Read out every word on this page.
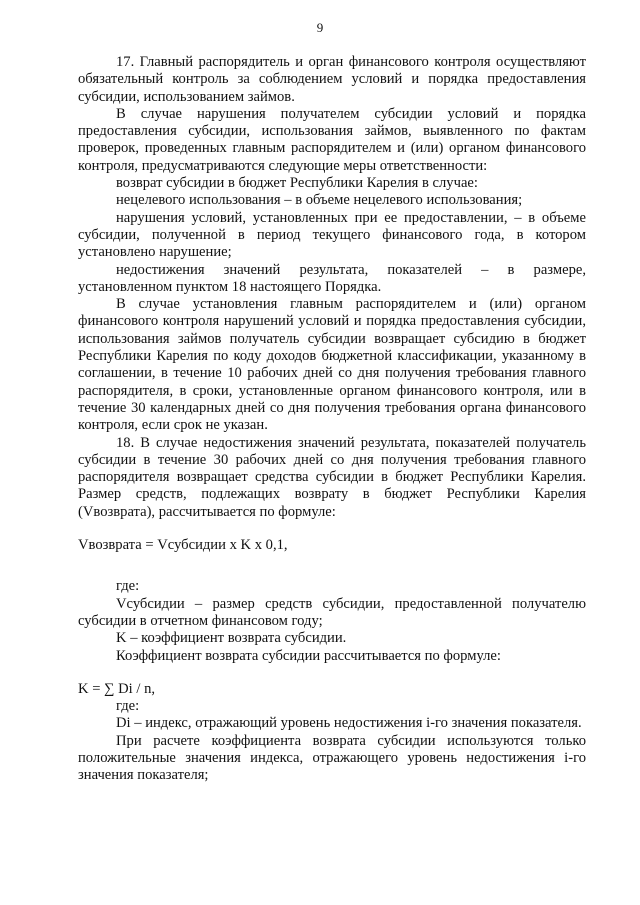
9

17. Главный распорядитель и орган финансового контроля осуществляют обязательный контроль за соблюдением условий и порядка предоставления субсидии, использованием займов.

В случае нарушения получателем субсидии условий и порядка предоставления субсидии, использования займов, выявленного по фактам проверок, проведенных главным распорядителем и (или) органом финансового контроля, предусматриваются следующие меры ответственности:

возврат субсидии в бюджет Республики Карелия в случае:

нецелевого использования – в объеме нецелевого использования;

нарушения условий, установленных при ее предоставлении, – в объеме субсидии, полученной в период текущего финансового года, в котором установлено нарушение;

недостижения значений результата, показателей – в размере, установленном пунктом 18 настоящего Порядка.

В случае установления главным распорядителем и (или) органом финансового контроля нарушений условий и порядка предоставления субсидии, использования займов получатель субсидии возвращает субсидию в бюджет Республики Карелия по коду доходов бюджетной классификации, указанному в соглашении, в течение 10 рабочих дней со дня получения требования главного распорядителя, в сроки, установленные органом финансового контроля, или в течение 30 календарных дней со дня получения требования органа финансового контроля, если срок не указан.

18. В случае недостижения значений результата, показателей получатель субсидии в течение 30 рабочих дней со дня получения требования главного распорядителя возвращает средства субсидии в бюджет Республики Карелия. Размер средств, подлежащих возврату в бюджет Республики Карелия (Vвозврата), рассчитывается по формуле:

Vвозврата = Vсубсидии x K x 0,1,

где:

Vсубсидии – размер средств субсидии, предоставленной получателю субсидии в отчетном финансовом году;

K – коэффициент возврата субсидии.

Коэффициент возврата субсидии рассчитывается по формуле:

K = ∑ Di / n,

где:

Di – индекс, отражающий уровень недостижения i-го значения показателя.

При расчете коэффициента возврата субсидии используются только положительные значения индекса, отражающего уровень недостижения i-го значения показателя;
